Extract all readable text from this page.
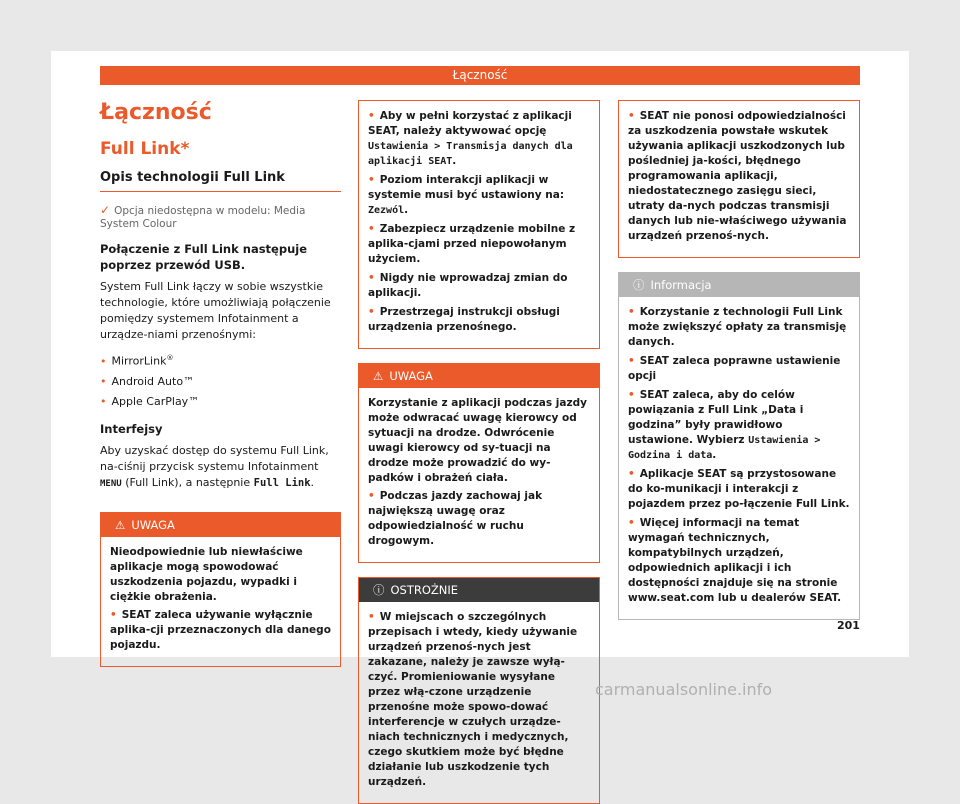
Łączność
Łączność
Full Link*
Opis technologii Full Link
✓ Opcja niedostępna w modelu: Media System Colour
Połączenie z Full Link następuje poprzez przewód USB.
System Full Link łączy w sobie wszystkie technologie, które umożliwiają połączenie pomiędzy systemem Infotainment a urządze-niami przenośnymi:
• MirrorLink®
• Android Auto™
• Apple CarPlay™
Interfejsy
Aby uzyskać dostęp do systemu Full Link, na-ciśnij przycisk systemu Infotainment MENU (Full Link), a następnie Full Link.
⚠ UWAGA

Nieodpowiednie lub niewłaściwe aplikacje mogą spowodować uszkodzenia pojazdu, wypadki i ciężkie obrażenia.

• SEAT zaleca używanie wyłącznie aplika-cji przeznaczonych dla danego pojazdu.
• Aby w pełni korzystać z aplikacji SEAT, należy aktywować opcję Ustawienia > Transmisja danych dla aplikacji SEAT.
• Poziom interakcji aplikacji w systemie musi być ustawiony na: Zezwól.
• Zabezpiecz urządzenie mobilne z aplika-cjami przed niepowołanym użyciem.
• Nigdy nie wprowadzaj zmian do aplikacji.
• Przestrzegaj instrukcji obsługi urządzenia przenośnego.
⚠ UWAGA

Korzystanie z aplikacji podczas jazdy może odwracać uwagę kierowcy od sytuacji na drodze. Odwrócenie uwagi kierowcy od sy-tuacji na drodze może prowadzić do wy-padków i obrażeń ciała.

• Podczas jazdy zachowaj jak największą uwagę oraz odpowiedzialność w ruchu drogowym.
ⓘ OSTROŻNIE
• W miejscach o szczególnych przepisach i wtedy, kiedy używanie urządzeń przenoś-nych jest zakazane, należy je zawsze wyłą-czyć. Promieniowanie wysyłane przez włą-czone urządzenie przenośne może spowo-dować interferencje w czułych urządze-niach technicznych i medycznych, czego skutkiem może być błędne działanie lub uszkodzenie tych urządzeń.
• SEAT nie ponosi odpowiedzialności za uszkodzenia powstałe wskutek używania aplikacji uszkodzonych lub pośledniej ja-kości, błędnego programowania aplikacji, niedostatecznego zasięgu sieci, utraty da-nych podczas transmisji danych lub nie-właściwego używania urządzeń przenoś-nych.
ⓘ Informacja
• Korzystanie z technologii Full Link może zwiększyć opłaty za transmisję danych.
• SEAT zaleca poprawne ustawienie opcji
• SEAT zaleca, aby do celów powiązania z Full Link „Data i godzina” były prawidłowo ustawione. Wybierz Ustawienia > Godzina i data.
• Aplikacje SEAT są przystosowane do ko-munikacji i interakcji z pojazdem przez po-łączenie Full Link.
• Więcej informacji na temat wymagań technicznych, kompatybilnych urządzeń, odpowiednich aplikacji i ich dostępności znajduje się na stronie www.seat.com lub u dealerów SEAT.
201
carmanualsonline.info
